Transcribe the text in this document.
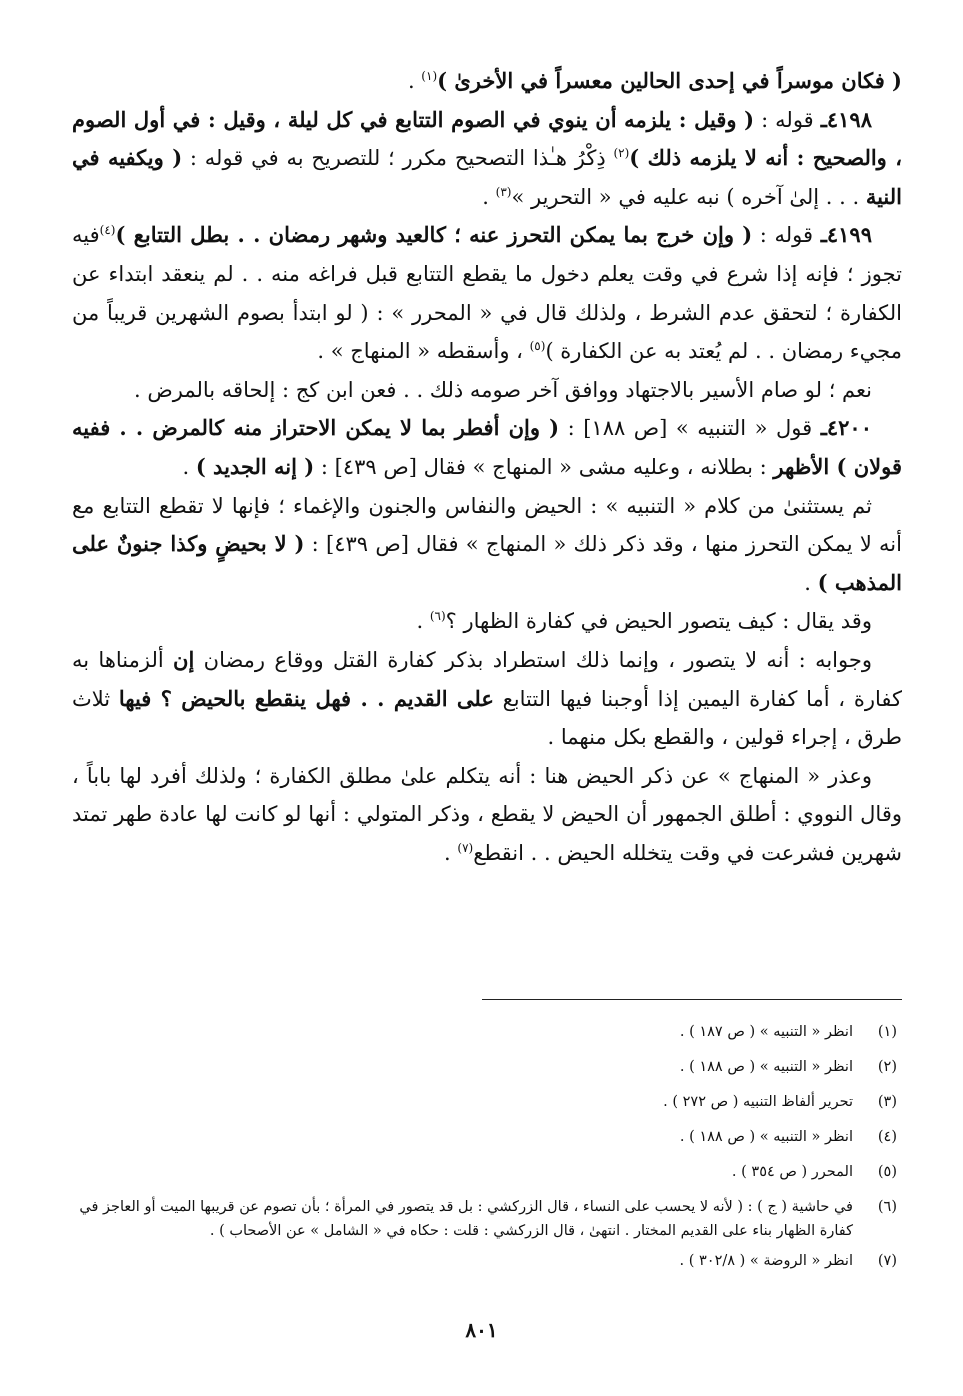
( فكان موسراً في إحدى الحالين معسراً في الأخرىٰ )$^{(١)}$ .

٤١٩٨ـ قوله : ( وقيل : يلزمه أن ينوي في الصوم التتابع في كل ليلة ، وقيل : في أول الصوم ، والصحيح : أنه لا يلزمه ذلك )$^{(٢)}$ ذِكْرُ هـٰذا التصحيح مكرر ؛ للتصريح به في قوله : ( ويكفيه في النية . . . إلىٰ آخره ) نبه عليه في « التحرير »$^{(٣)}$ .

٤١٩٩ـ قوله : ( وإن خرج بما يمكن التحرز عنه ؛ كالعيد وشهر رمضان . . بطل التتابع )$^{(٤)}$فيه تجوز ؛ فإنه إذا شرع في وقت يعلم دخول ما يقطع التتابع قبل فراغه منه . . لم ينعقد ابتداء عن الكفارة ؛ لتحقق عدم الشرط ، ولذلك قال في « المحرر » : ( لو ابتدأ بصوم الشهرين قريباً من مجيء رمضان . . لم يُعتد به عن الكفارة )$^{(٥)}$ ، وأسقطه « المنهاج » .

نعم ؛ لو صام الأسير بالاجتهاد ووافق آخر صومه ذلك . . فعن ابن كج : إلحاقه بالمرض .

٤٢٠٠ـ قول « التنبيه » [ص ١٨٨] : ( وإن أفطر بما لا يمكن الاحتراز منه كالمرض . . ففيه قولان ) الأظهر : بطلانه ، وعليه مشى « المنهاج » فقال [ص ٤٣٩] : ( إنه الجديد ) .

ثم يستثنىٰ من كلام « التنبيه » : الحيض والنفاس والجنون والإغماء ؛ فإنها لا تقطع التتابع مع أنه لا يمكن التحرز منها ، وقد ذكر ذلك « المنهاج » فقال [ص ٤٣٩] : ( لا بحيضٍ وكذا جنونٌ على المذهب ) .

وقد يقال : كيف يتصور الحيض في كفارة الظهار ؟$^{(٦)}$ .

وجوابه : أنه لا يتصور ، وإنما ذلك استطراد بذكر كفارة القتل ووقاع رمضان إن ألزمناها به كفارة ، أما كفارة اليمين إذا أوجبنا فيها التتابع على القديم . . فهل ينقطع بالحيض ؟ فيها ثلاث طرق ، إجراء قولين ، والقطع بكل منهما .

وعذر « المنهاج » عن ذكر الحيض هنا : أنه يتكلم علىٰ مطلق الكفارة ؛ ولذلك أفرد لها باباً ، وقال النووي : أطلق الجمهور أن الحيض لا يقطع ، وذكر المتولي : أنها لو كانت لها عادة طهر تمتد شهرين فشرعت في وقت يتخلله الحيض . . انقطع$^{(٧)}$ .

(١)
انظر « التنبيه » ( ص ١٨٧ ) .
(٢)
انظر « التنبيه » ( ص ١٨٨ ) .
(٣)
تحرير ألفاظ التنبيه ( ص ٢٧٢ ) .
(٤)
انظر « التنبيه » ( ص ١٨٨ ) .
(٥)
المحرر ( ص ٣٥٤ ) .
(٦)
في حاشية ( ج ) : ( لأنه لا يحسب على النساء ، قال الزركشي : بل قد يتصور في المرأة ؛ بأن تصوم عن قريبها الميت أو العاجز في كفارة الظهار بناء على القديم المختار . انتهىٰ ، قال الزركشي : قلت : حكاه في « الشامل » عن الأصحاب ) .
(٧)
انظر « الروضة » ( ٣٠٢/٨ ) .
٨٠١
